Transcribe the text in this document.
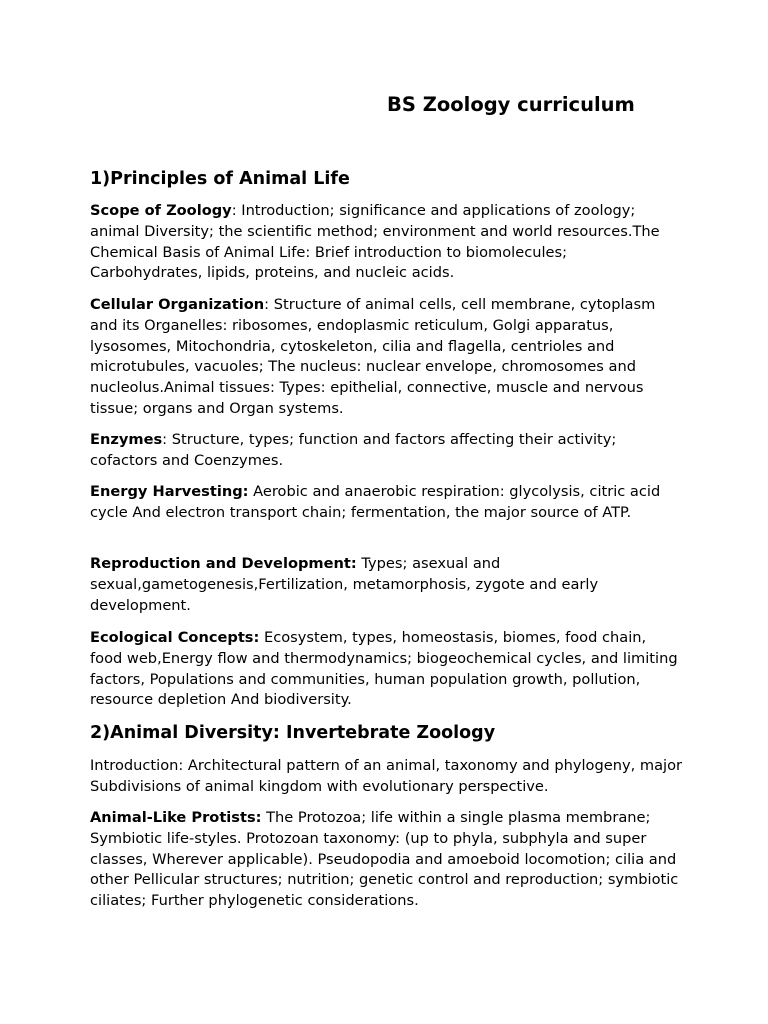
BS Zoology curriculum
1)Principles of Animal Life

Scope of Zoology: Introduction; significance and applications of zoology; animal Diversity; the scientific method; environment and world resources.The Chemical Basis of Animal Life: Brief introduction to biomolecules; Carbohydrates, lipids, proteins, and nucleic acids.

Cellular Organization: Structure of animal cells, cell membrane, cytoplasm and its Organelles: ribosomes, endoplasmic reticulum, Golgi apparatus, lysosomes, Mitochondria, cytoskeleton, cilia and flagella, centrioles and microtubules, vacuoles; The nucleus: nuclear envelope, chromosomes and nucleolus.Animal tissues: Types: epithelial, connective, muscle and nervous tissue; organs and Organ systems.

Enzymes: Structure, types; function and factors affecting their activity; cofactors and Coenzymes.

Energy Harvesting: Aerobic and anaerobic respiration: glycolysis, citric acid cycle And electron transport chain; fermentation, the major source of ATP.

Reproduction and Development: Types; asexual and sexual,gametogenesis,Fertilization, metamorphosis, zygote and early development.

Ecological Concepts: Ecosystem, types, homeostasis, biomes, food chain, food web,Energy flow and thermodynamics; biogeochemical cycles, and limiting factors, Populations and communities, human population growth, pollution, resource depletion And biodiversity.

2)Animal Diversity: Invertebrate Zoology

Introduction: Architectural pattern of an animal, taxonomy and phylogeny, major Subdivisions of animal kingdom with evolutionary perspective.

Animal-Like Protists: The Protozoa; life within a single plasma membrane; Symbiotic life-styles. Protozoan taxonomy: (up to phyla, subphyla and super classes, Wherever applicable). Pseudopodia and amoeboid locomotion; cilia and other Pellicular structures; nutrition; genetic control and reproduction; symbiotic ciliates; Further phylogenetic considerations.
